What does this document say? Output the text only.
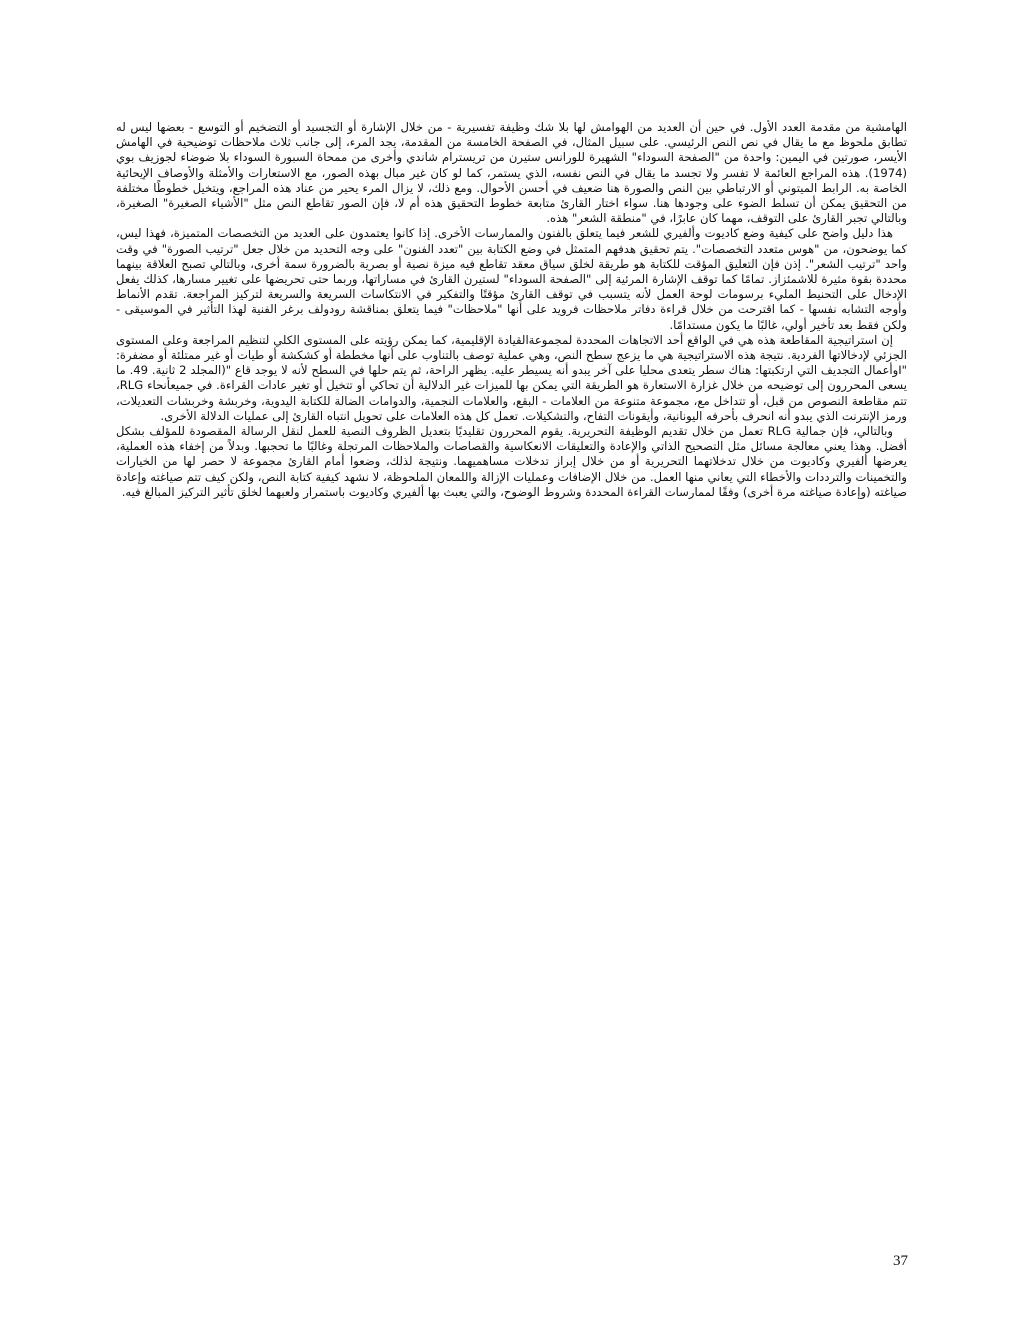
الهامشية من مقدمة العدد الأول. في حين أن العديد من الهوامش لها بلا شك وظيفة تفسيرية - من خلال الإشارة أو التجسيد أو التضخيم أو التوسع - بعضها ليس له تطابق ملحوظ مع ما يقال في نص النص الرئيسي. على سبيل المثال، في الصفحة الخامسة من المقدمة، يجد المرء، إلى جانب ثلاث ملاحظات توضيحية في الهامش الأيسر، صورتين في اليمين: واحدة من "الصفحة السوداء" الشهيرة للورانس ستيرن من تريسترام شاندي وأخرى من ممحاة السبورة السوداء بلا ضوضاء لجوزيف بوي (1974). هذه المراجع العائمة لا تفسر ولا تجسد ما يقال في النص نفسه، الذي يستمر، كما لو كان غير مبال بهذه الصور، مع الاستعارات والأمثلة والأوصاف الإيحائية الخاصة به. الرابط الميتوني أو الارتباطي بين النص والصورة هنا ضعيف في أحسن الأحوال. ومع ذلك، لا يزال المرء يحير من عناد هذه المراجع، ويتخيل خطوطًا مختلفة من التحقيق يمكن أن تسلط الضوء على وجودها هنا. سواء اختار القارئ متابعة خطوط التحقيق هذه أم لا، فإن الصور تقاطع النص مثل "الأشياء الصغيرة" الصغيرة، وبالتالي تجبر القارئ على التوقف، مهما كان عابرًا، في "منطقة الشعر" هذه.

هذا دليل واضح على كيفية وضع كاديوت وألفيري للشعر فيما يتعلق بالفنون والممارسات الأخرى. إذا كانوا يعتمدون على العديد من التخصصات المتميزة، فهذا ليس، كما يوضحون، من "هوس متعدد التخصصات". يتم تحقيق هدفهم المتمثل في وضع الكتابة بين "تعدد الفنون" على وجه التحديد من خلال جعل "ترتيب الصورة" في وقت واحد "ترتيب الشعر". إذن فإن التعليق المؤقت للكتابة هو طريقة لخلق سياق معقد تقاطع فيه ميزة نصية أو بصرية بالضرورة سمة أخرى، وبالتالي تصبح العلاقة بينهما محددة بقوة مثيرة للاشمئزاز. تمامًا كما توقف الإشارة المرئية إلى "الصفحة السوداء" لستيرن القارئ في مساراتها، وربما حتى تحريضها على تغيير مسارها، كذلك يفعل الإدخال على التحنيط المليء برسومات لوحة العمل لأنه يتسبب في توقف القارئ مؤقتًا والتفكير في الانتكاسات السريعة والسريعة لتركيز المراجعة. تقدم الأنماط وأوجه التشابه نفسها - كما اقترحت من خلال قراءة دفاتر ملاحظات فرويد على أنها "ملاحظات" فيما يتعلق بمناقشة رودولف برغر الفنية لهذا التأثير في الموسيقى - ولكن فقط بعد تأخير أولي، غالبًا ما يكون مستدامًا.

إن استراتيجية المقاطعة هذه هي في الواقع أحد الاتجاهات المحددة لمجموعةالقيادة الإقليمية، كما يمكن رؤيته على المستوى الكلي لتنظيم المراجعة وعلى المستوى الجزئي لإدخالاتها الفردية. نتيجة هذه الاستراتيجية هي ما يزعج سطح النص، وهي عملية توصف بالتناوب على أنها مخططة أو كشكشة أو طيات أو غير ممتلئة أو مضفرة: "Iوأعمال التجديف التي ارتكبتها: هناك سطر يتعدى محليا على آخر يبدو أنه يسيطر عليه. يظهر الراحة، ثم يتم حلها في السطح لأنه لا يوجد قاع "(المجلد 2 ثانية. 49. ما يسعى المحررون إلى توضيحه من خلال غزارة الاستعارة هو الطريقة التي يمكن بها للميزات غير الدلالية أن تحاكي أو تتخيل أو تغير عادات القراءة. في جميعأنحاء RLG، تتم مقاطعة النصوص من قبل، أو تتداخل مع، مجموعة متنوعة من العلامات - البقع، والعلامات النجمية، والدوامات الضالة للكتابة اليدوية، وخربشة وخربشات التعديلات، ورمز الإنترنت الذي يبدو أنه انحرف بأحرفه اليونانية، وأيقونات التفاح، والتشكيلات. تعمل كل هذه العلامات على تحويل انتباه القارئ إلى عمليات الدلالة الأخرى.

وبالتالي، فإن جمالية RLG تعمل من خلال تقديم الوظيفة التحريرية. يقوم المحررون تقليديًا بتعديل الظروف النصية للعمل لنقل الرسالة المقصودة للمؤلف بشكل أفضل. وهذا يعني معالجة مسائل مثل التصحيح الذاتي والإعادة والتعليقات الانعكاسية والقصاصات والملاحظات المرتجلة وغالبًا ما تحجبها. وبدلاً من إخفاء هذه العملية، يعرضها ألفيري وكاديوت من خلال تدخلاتهما التحريرية أو من خلال إبراز تدخلات مساهميهما. ونتيجة لذلك، وضعوا أمام القارئ مجموعة لا حصر لها من الخيارات والتخمينات والترددات والأخطاء التي يعاني منها العمل. من خلال الإضافات وعمليات الإزالة واللمعان الملحوظة، لا نشهد كيفية كتابة النص، ولكن كيف تتم صياغته وإعادة صياغته (وإعادة صياغته مرة أخرى) وفقًا لممارسات القراءة المحددة وشروط الوضوح، والتي يعبث بها ألفيري وكاديوت باستمرار ولعبهما لخلق تأثير التركيز المبالغ فيه.

37
